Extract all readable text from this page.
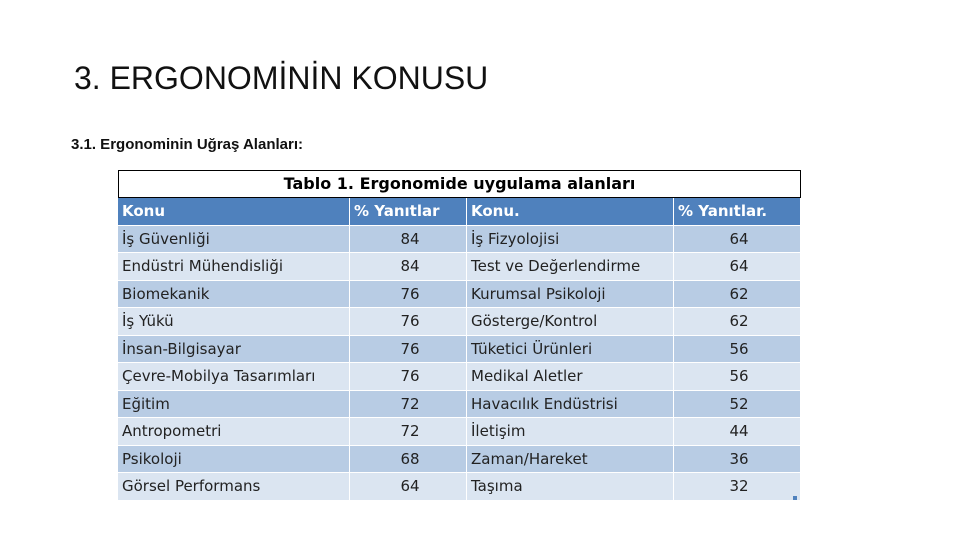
3. ERGONOMİNİN KONUSU
3.1. Ergonominin Uğraş Alanları:
Tablo 1. Ergonomide uygulama alanları
Konu	% Yanıtlar	Konu.	% Yanıtlar.
İş Güvenliği	84	İş Fizyolojisi	64
Endüstri Mühendisliği	84	Test ve Değerlendirme	64
Biomekanik	76	Kurumsal Psikoloji	62
İş Yükü	76	Gösterge/Kontrol	62
İnsan-Bilgisayar	76	Tüketici Ürünleri	56
Çevre-Mobilya Tasarımları	76	Medikal Aletler	56
Eğitim	72	Havacılık Endüstrisi	52
Antropometri	72	İletişim	44
Psikoloji	68	Zaman/Hareket	36
Görsel Performans	64	Taşıma	32
